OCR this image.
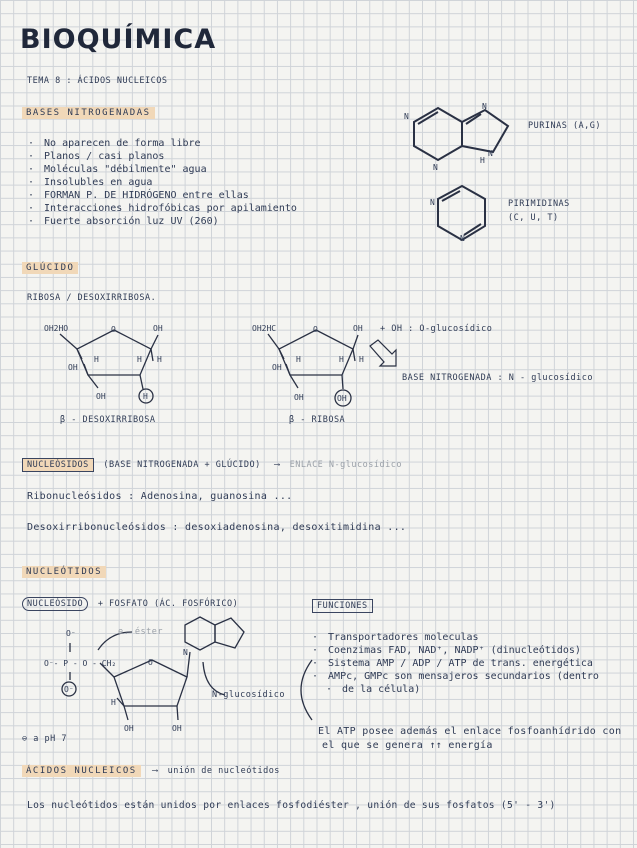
BIOQUÍMICA
TEMA 8 : ÁCIDOS NUCLEICOS
BASES NITROGENADAS
· No aparecen de forma libre
· Planos / casi planos
· Moléculas "débilmente" agua
· Insolubles en agua
· FORMAN P. DE HIDRÓGENO entre ellas
· Interacciones hidrofóbicas por apilamiento
· Fuerte absorción luz UV (260)
N
N
N
N
H
N
N
PURINAS (A,G)
PIRIMIDINAS
(C, U, T)
GLÚCIDO
RIBOSA / DESOXIRRIBOSA.
OH2HO	OH
O
H	H
H
OH
OH	H
OH2HC	OH
O
H	H
H
OH
OH	OH
+ OH : O-glucosídico
BASE NITROGENADA : N - glucosídico
β - DESOXIRRIBOSA	β - RIBOSA
NUCLEÓSIDOS (BASE NITROGENADA + GLÚCIDO) ⟶ ENLACE N-glucosídico
Ribonucleósidos : Adenosina, guanosina ...
Desoxirribonucleósidos : desoxiadenosina, desoxitimidina ...
NUCLEÓTIDOS
NUCLEÓSIDO + FOSFATO (ÁC. FOSFÓRICO)
O⁻
O⁻- P - O - CH₂
O⁻
O
N
H
OH	OH
e. éster
N-glucosídico
⊖ a pH 7
FUNCIONES
· Transportadores moleculas
· Coenzimas FAD, NAD⁺, NADP⁺ (dinucleótidos)
· Sistema AMP / ADP / ATP de trans. energética
· AMPc, GMPc son mensajeros secundarios (dentro
· de la célula)
El ATP posee además el enlace fosfoanhídrido con
el que se genera ↑↑ energía
ÁCIDOS NUCLEICOS ⟶ unión de nucleótidos
Los nucleótidos están unidos por enlaces fosfodiéster , unión de sus fosfatos (5' - 3')
